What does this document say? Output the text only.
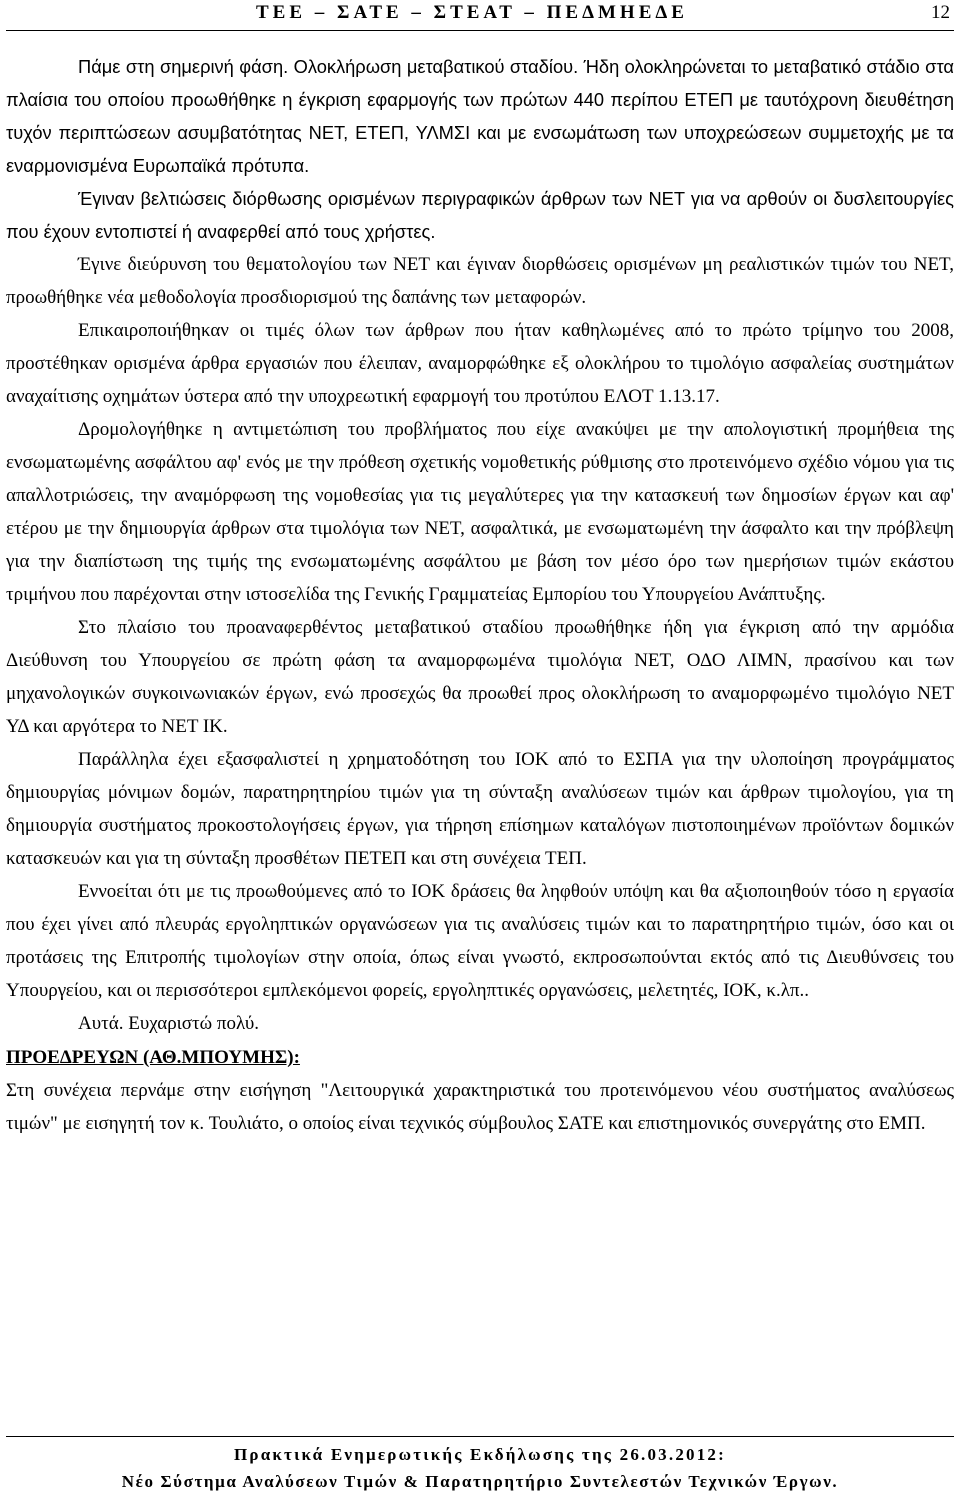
ΤΕΕ – ΣΑΤΕ – ΣΤΕΑΤ – ΠΕΔΜΗΕΔΕ	12

Πάμε στη σημερινή φάση. Ολοκλήρωση μεταβατικού σταδίου. Ήδη ολοκληρώνεται το μεταβατικό στάδιο στα πλαίσια του οποίου προωθήθηκε η έγκριση εφαρμογής των πρώτων 440 περίπου ΕΤΕΠ με ταυτόχρονη διευθέτηση τυχόν περιπτώσεων ασυμβατότητας ΝΕΤ, ΕΤΕΠ, ΥΛΜΣΙ και με ενσωμάτωση των υποχρεώσεων συμμετοχής με τα εναρμονισμένα Ευρωπαϊκά πρότυπα.

Έγιναν βελτιώσεις διόρθωσης ορισμένων περιγραφικών άρθρων των ΝΕΤ για να αρθούν οι δυσλειτουργίες που έχουν εντοπιστεί ή αναφερθεί από τους χρήστες.

Έγινε διεύρυνση του θεματολογίου των ΝΕΤ και έγιναν διορθώσεις ορισμένων μη ρεαλιστικών τιμών του ΝΕΤ, προωθήθηκε νέα μεθοδολογία προσδιορισμού της δαπάνης των μεταφορών.

Επικαιροποιήθηκαν οι τιμές όλων των άρθρων που ήταν καθηλωμένες από το πρώτο τρίμηνο του 2008, προστέθηκαν ορισμένα άρθρα εργασιών που έλειπαν, αναμορφώθηκε εξ ολοκλήρου το τιμολόγιο ασφαλείας συστημάτων αναχαίτισης οχημάτων ύστερα από την υποχρεωτική εφαρμογή του προτύπου ΕΛΟΤ 1.13.17.

Δρομολογήθηκε η αντιμετώπιση του προβλήματος που είχε ανακύψει με την απολογιστική προμήθεια της ενσωματωμένης ασφάλτου αφ' ενός με την πρόθεση σχετικής νομοθετικής ρύθμισης στο προτεινόμενο σχέδιο νόμου για τις απαλλοτριώσεις, την αναμόρφωση της νομοθεσίας για τις μεγαλύτερες για την κατασκευή των δημοσίων έργων και αφ' ετέρου με την δημιουργία άρθρων στα τιμολόγια των ΝΕΤ, ασφαλτικά, με ενσωματωμένη την άσφαλτο και την πρόβλεψη για την διαπίστωση της τιμής της ενσωματωμένης ασφάλτου με βάση τον μέσο όρο των ημερήσιων τιμών εκάστου τριμήνου που παρέχονται στην ιστοσελίδα της Γενικής Γραμματείας Εμπορίου του Υπουργείου Ανάπτυξης.

Στο πλαίσιο του προαναφερθέντος μεταβατικού σταδίου προωθήθηκε ήδη για έγκριση από την αρμόδια Διεύθυνση του Υπουργείου σε πρώτη φάση τα αναμορφωμένα τιμολόγια ΝΕΤ, ΟΔΟ ΛΙΜΝ, πρασίνου και των μηχανολογικών συγκοινωνιακών έργων, ενώ προσεχώς θα προωθεί προς ολοκλήρωση το αναμορφωμένο τιμολόγιο ΝΕΤ ΥΔ και αργότερα το ΝΕΤ ΙΚ.

Παράλληλα έχει εξασφαλιστεί η χρηματοδότηση του ΙΟΚ από το ΕΣΠΑ για την υλοποίηση προγράμματος δημιουργίας μόνιμων δομών, παρατηρητηρίου τιμών για τη σύνταξη αναλύσεων τιμών και άρθρων τιμολογίου, για τη δημιουργία συστήματος προκοστολογήσεις έργων, για τήρηση επίσημων καταλόγων πιστοποιημένων προϊόντων δομικών κατασκευών και για τη σύνταξη προσθέτων ΠΕΤΕΠ και στη συνέχεια ΤΕΠ.

Εννοείται ότι με τις προωθούμενες από το ΙΟΚ δράσεις θα ληφθούν υπόψη και θα αξιοποιηθούν τόσο η εργασία που έχει γίνει από πλευράς εργοληπτικών οργανώσεων για τις αναλύσεις τιμών και το παρατηρητήριο τιμών, όσο και οι προτάσεις της Επιτροπής τιμολογίων στην οποία, όπως είναι γνωστό, εκπροσωπούνται εκτός από τις Διευθύνσεις του Υπουργείου, και οι περισσότεροι εμπλεκόμενοι φορείς, εργοληπτικές οργανώσεις, μελετητές, ΙΟΚ, κ.λπ..

Αυτά. Ευχαριστώ πολύ.

ΠΡΟΕΔΡΕΥΩΝ (ΑΘ.ΜΠΟΥΜΗΣ):

Στη συνέχεια περνάμε στην εισήγηση "Λειτουργικά χαρακτηριστικά του προτεινόμενου νέου συστήματος αναλύσεως τιμών" με εισηγητή τον κ. Τουλιάτο, ο οποίος είναι τεχνικός σύμβουλος ΣΑΤΕ και επιστημονικός συνεργάτης στο ΕΜΠ.

Πρακτικά Ενημερωτικής Εκδήλωσης της 26.03.2012:
Νέο Σύστημα Αναλύσεων Τιμών & Παρατηρητήριο Συντελεστών Τεχνικών Έργων.
